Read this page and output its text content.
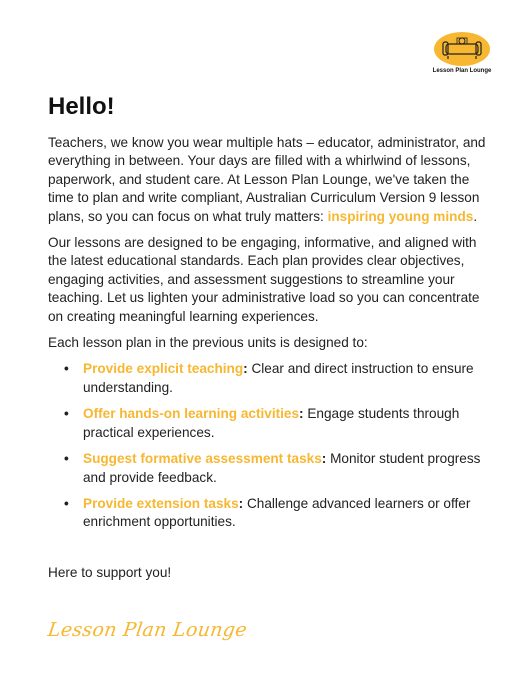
Lesson Plan Lounge
Hello!

Teachers, we know you wear multiple hats – educator, administrator, and everything in between. Your days are filled with a whirlwind of lessons, paperwork, and student care. At Lesson Plan Lounge, we've taken the time to plan and write compliant, Australian Curriculum Version 9 lesson plans, so you can focus on what truly matters: inspiring young minds.

Our lessons are designed to be engaging, informative, and aligned with the latest educational standards. Each plan provides clear objectives, engaging activities, and assessment suggestions to streamline your teaching. Let us lighten your administrative load so you can concentrate on creating meaningful learning experiences.

Each lesson plan in the previous units is designed to:

• Provide explicit teaching: Clear and direct instruction to ensure understanding.
• Offer hands-on learning activities: Engage students through practical experiences.
• Suggest formative assessment tasks: Monitor student progress and provide feedback.
• Provide extension tasks: Challenge advanced learners or offer enrichment opportunities.
Here to support you!
Lesson Plan Lounge
